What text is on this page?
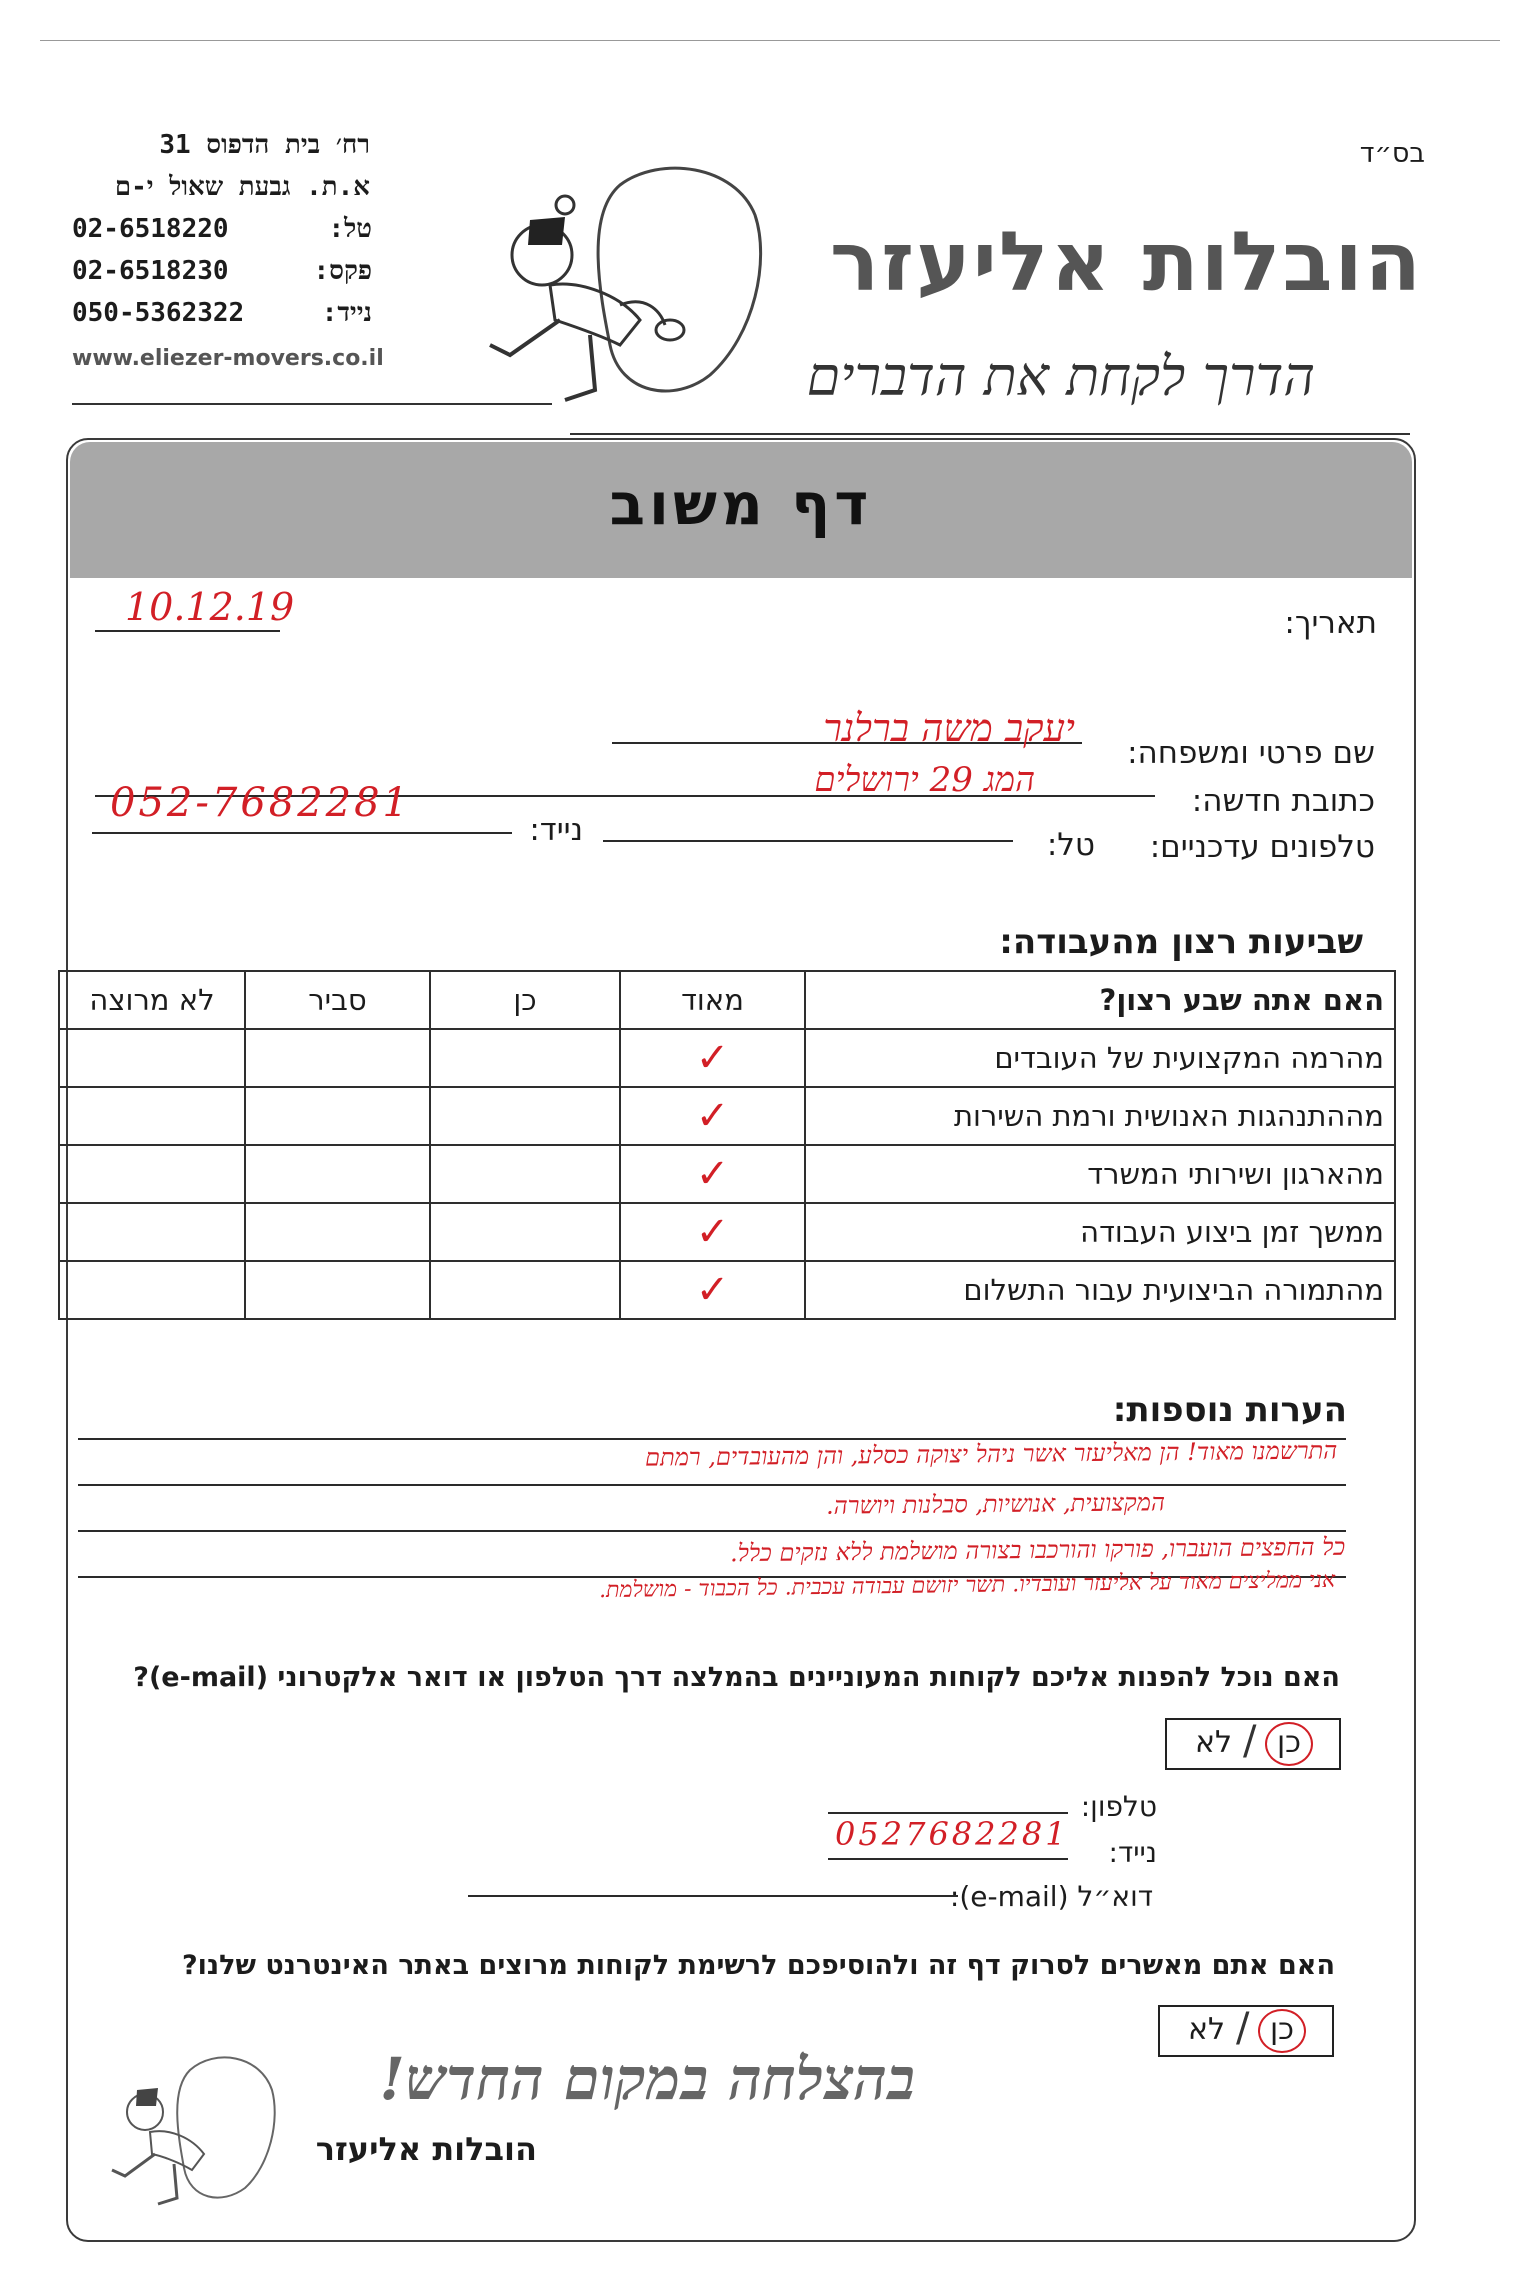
רח׳ בית הדפוס 31
א.ת. גבעת שאול י-ם
02-6518220	טל:
02-6518230	פקס:
050-5362322	נייד:
www.eliezer-movers.co.il
בס״ד
הובלות אליעזר
הדרך לקחת את הדברים
דף משוב
תאריך:
10.12.19
שם פרטי ומשפחה:
יעקב משה ברלנר
כתובת חדשה:
המג 29 ירושלים
טלפונים עדכניים:
טל:
נייד:
052-7682281
שביעות רצון מהעבודה:
האם אתה שבע רצון?	מאוד	כן	סביר	לא מרוצה
מהרמה המקצועית של העובדים	✓			
מההתנהגות האנושית ורמת השירות	✓			
מהארגון ושירותי המשרד	✓			
ממשך זמן ביצוע העבודה	✓			
מהתמורה הביצועית עבור התשלום	✓			
הערות נוספות:
התרשמנו מאוד! הן מאליעזר אשר ניהל יצוקה כסלע, והן מהעובדים, רמתם
המקצועית, אנושיות, סבלנות ויושרה.
כל החפצים הועברו, פורקו והורכבו בצורה מושלמת ללא נזקים כלל.
אני ממליצים מאוד על אליעזר ועובדיו. תשר יזושם עבודה עכבית. כל הכבוד - מושלמת.
האם נוכל להפנות אליכם לקוחות המעוניינים בהמלצה דרך הטלפון או דואר אלקטרוני (e-mail)?
כן
/
לא
טלפון:
נייד:
0527682281
דוא״ל (e-mail):
האם אתם מאשרים לסרוק דף זה ולהוסיפכם לרשימת לקוחות מרוצים באתר האינטרנט שלנו?
כן
/
לא
בהצלחה במקום החדש!
הובלות אליעזר
